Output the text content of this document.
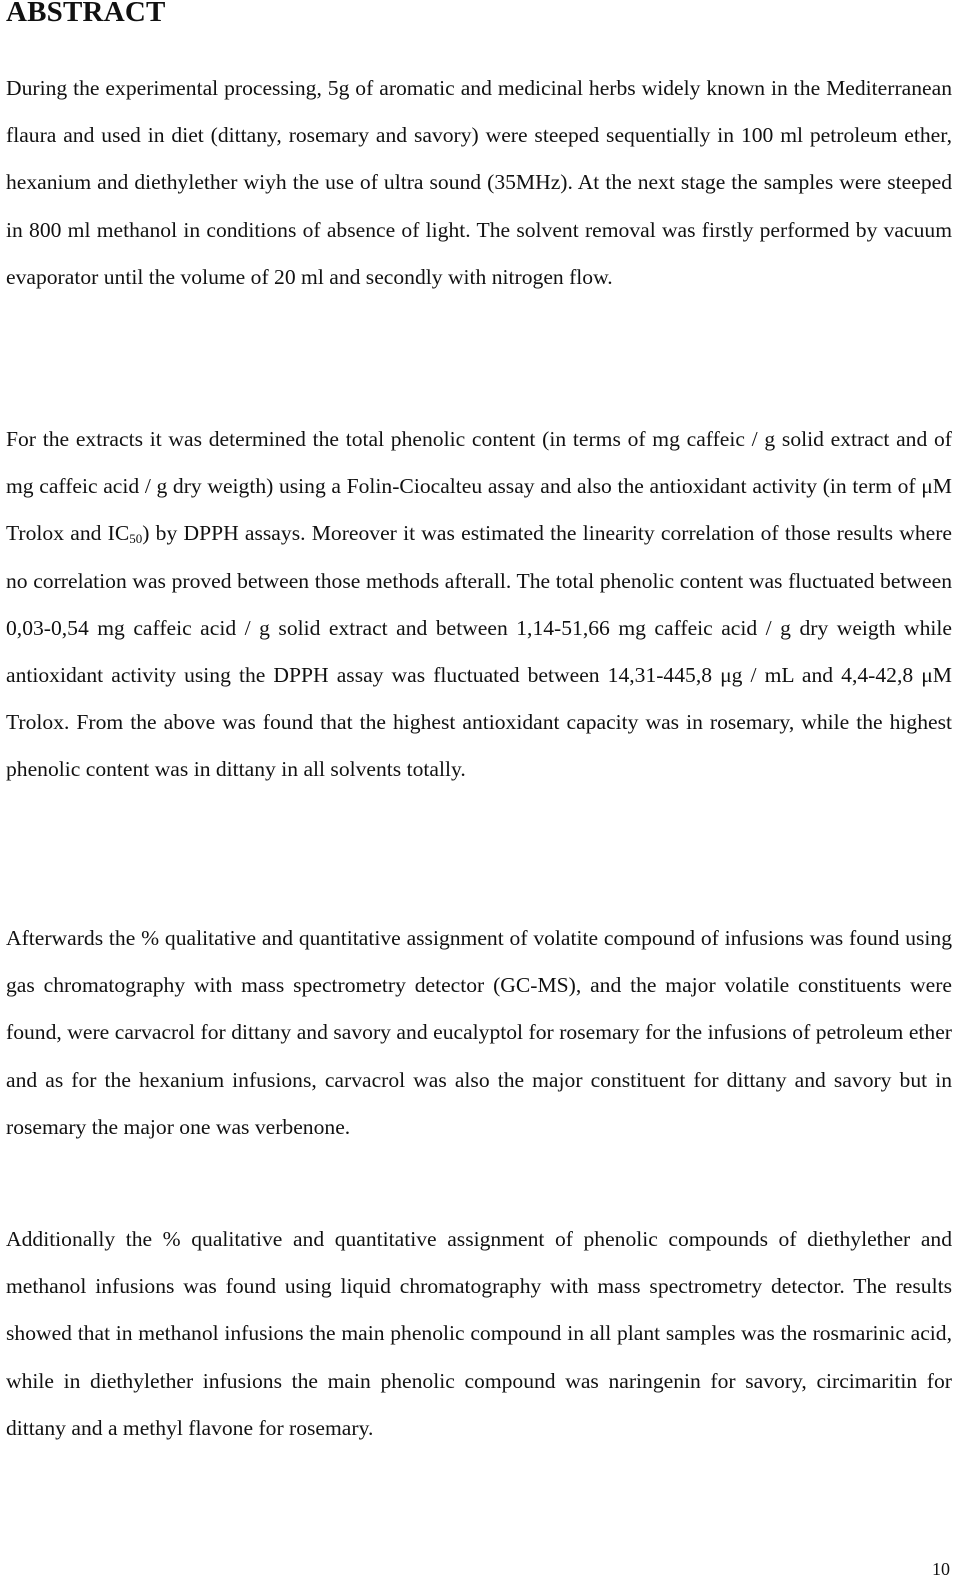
ABSTRACT

During the experimental processing, 5g of aromatic and medicinal herbs widely known in the Mediterranean flaura and used in diet (dittany, rosemary and savory) were steeped sequentially in 100 ml petroleum ether, hexanium and diethylether wiyh the use of ultra sound (35MHz). At the next stage the samples were steeped in 800 ml methanol in conditions of absence of light. The solvent removal was firstly performed by vacuum evaporator until the volume of 20 ml and secondly with nitrogen flow.

For the extracts it was determined the total phenolic content (in terms of mg caffeic / g solid extract and of mg caffeic acid / g dry weigth) using a Folin-Ciocalteu assay and also the antioxidant activity (in term of μM Trolox and $IC_{50}$) by DPPH assays. Moreover it was estimated the linearity correlation of those results where no correlation was proved between those methods afterall. The total phenolic content was fluctuated between 0,03-0,54 mg caffeic acid / g solid extract and between 1,14-51,66 mg caffeic acid / g dry weigth while antioxidant activity using the DPPH assay was fluctuated between 14,31-445,8 μg / mL and 4,4-42,8 μM Trolox. From the above was found that the highest antioxidant capacity was in rosemary, while the highest phenolic content was in dittany in all solvents totally.

Afterwards the % qualitative and quantitative assignment of volatite compound of infusions was found using gas chromatography with mass spectrometry detector (GC-MS), and the major volatile constituents were found, were carvacrol for dittany and savory and eucalyptol for rosemary for the infusions of petroleum ether and as for the hexanium infusions, carvacrol was also the major constituent for dittany and savory but in rosemary the major one was verbenone.

Additionally the % qualitative and quantitative assignment of phenolic compounds of diethylether and methanol infusions was found using liquid chromatography with mass spectrometry detector. The results showed that in methanol infusions the main phenolic compound in all plant samples was the rosmarinic acid, while in diethylether infusions the main phenolic compound was naringenin for savory, circimaritin for dittany and a methyl flavone for rosemary.

10
